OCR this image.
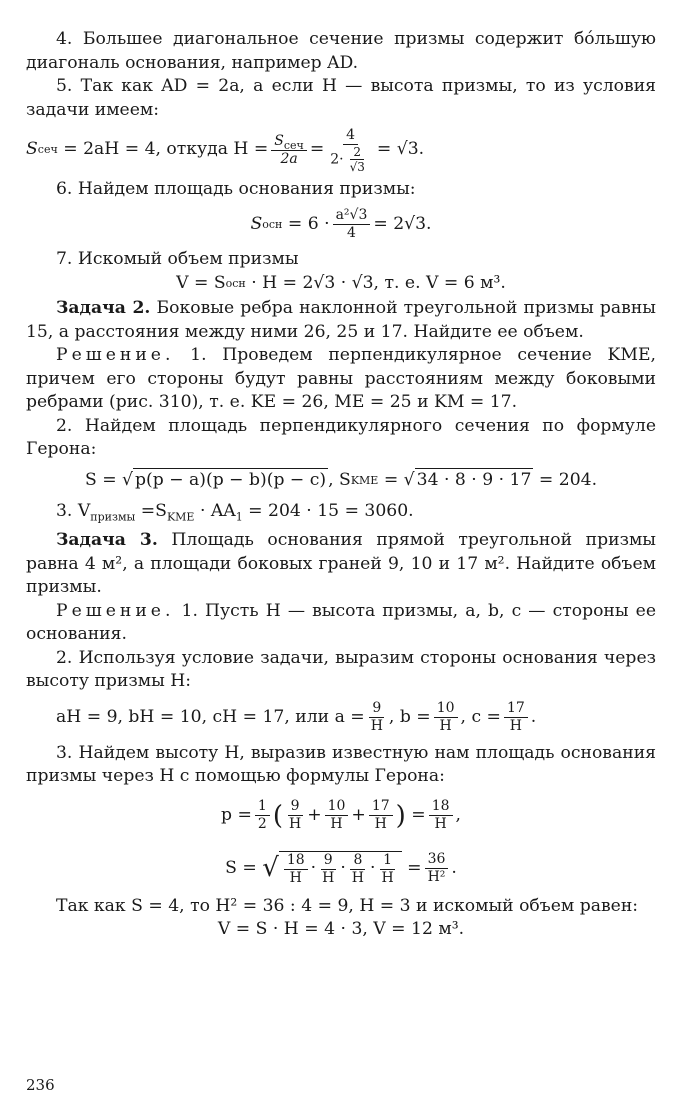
4. Большее диагональное сечение призмы содержит бóльшую диагональ основания, например AD.

5. Так как AD = 2a, а если H — высота призмы, то из условия задачи имеем:

S сеч
= 2aH = 4, откуда $H = \frac{S_{сеч}}{2a} = \frac{4}{2\cdot \frac{2}{√3}} = √3$.

6. Найдем площадь основания призмы:

S осн
= $6 \cdot \frac{\text{a²√3}}{4} = 2√3$.

7. Искомый объем призмы

V = S осн
· H = 2√3 · √3, т. е. V = 6 м³.

Задача 2. Боковые ребра наклонной треугольной призмы равны 15, а расстояния между ними 26, 25 и 17. Найдите ее объем.

Решение. 1. Проведем перпендикулярное сечение KME, причем его стороны будут равны расстояниям между боковыми ребрами (рис. 310), т. е. KE = 26, ME = 25 и KM = 17.

2. Найдем площадь перпендикулярного сечения по формуле Герона:

S = √ p(p − a)(p − b)(p − c) , S KME
= √ 34 · 8 · 9 · 17
= 204.

3. $V_{призмы} =S_{KME} \cdot AA_1 = 204 \cdot 15 = 3060$.

Задача 3. Площадь основания прямой треугольной призмы равна 4 м², а площади боковых граней 9, 10 и 17 м². Найдите объем призмы.

Решение. 1. Пусть H — высота призмы, a, b, c — стороны ее основания.

2. Используя условие задачи, выразим стороны основания через высоту призмы H:

aH = 9, bH = 10, cH = 17, или $a = \frac{9}{H}$ , $b = \frac{10}{H}$ , $c = \frac{17}{H}$ .

3. Найдем высоту H, выразив известную нам площадь основания призмы через H с помощью формулы Герона:

$p = \frac{1}{2}$ ( $\frac{9}{H} + \frac{10}{H} + \frac{17}{H}$ ) = $\frac{18}{H}$ ,
S =
√ $\frac{18}{H} \cdot \frac{9}{H} \cdot \frac{8}{H} \cdot \frac{1}{H} = \frac{36}{\text{H²}}$ .

Так как S = 4, то H² = 36 : 4 = 9, H = 3 и искомый объем равен:

V = S · H = 4 · 3, V = 12 м³.

236
